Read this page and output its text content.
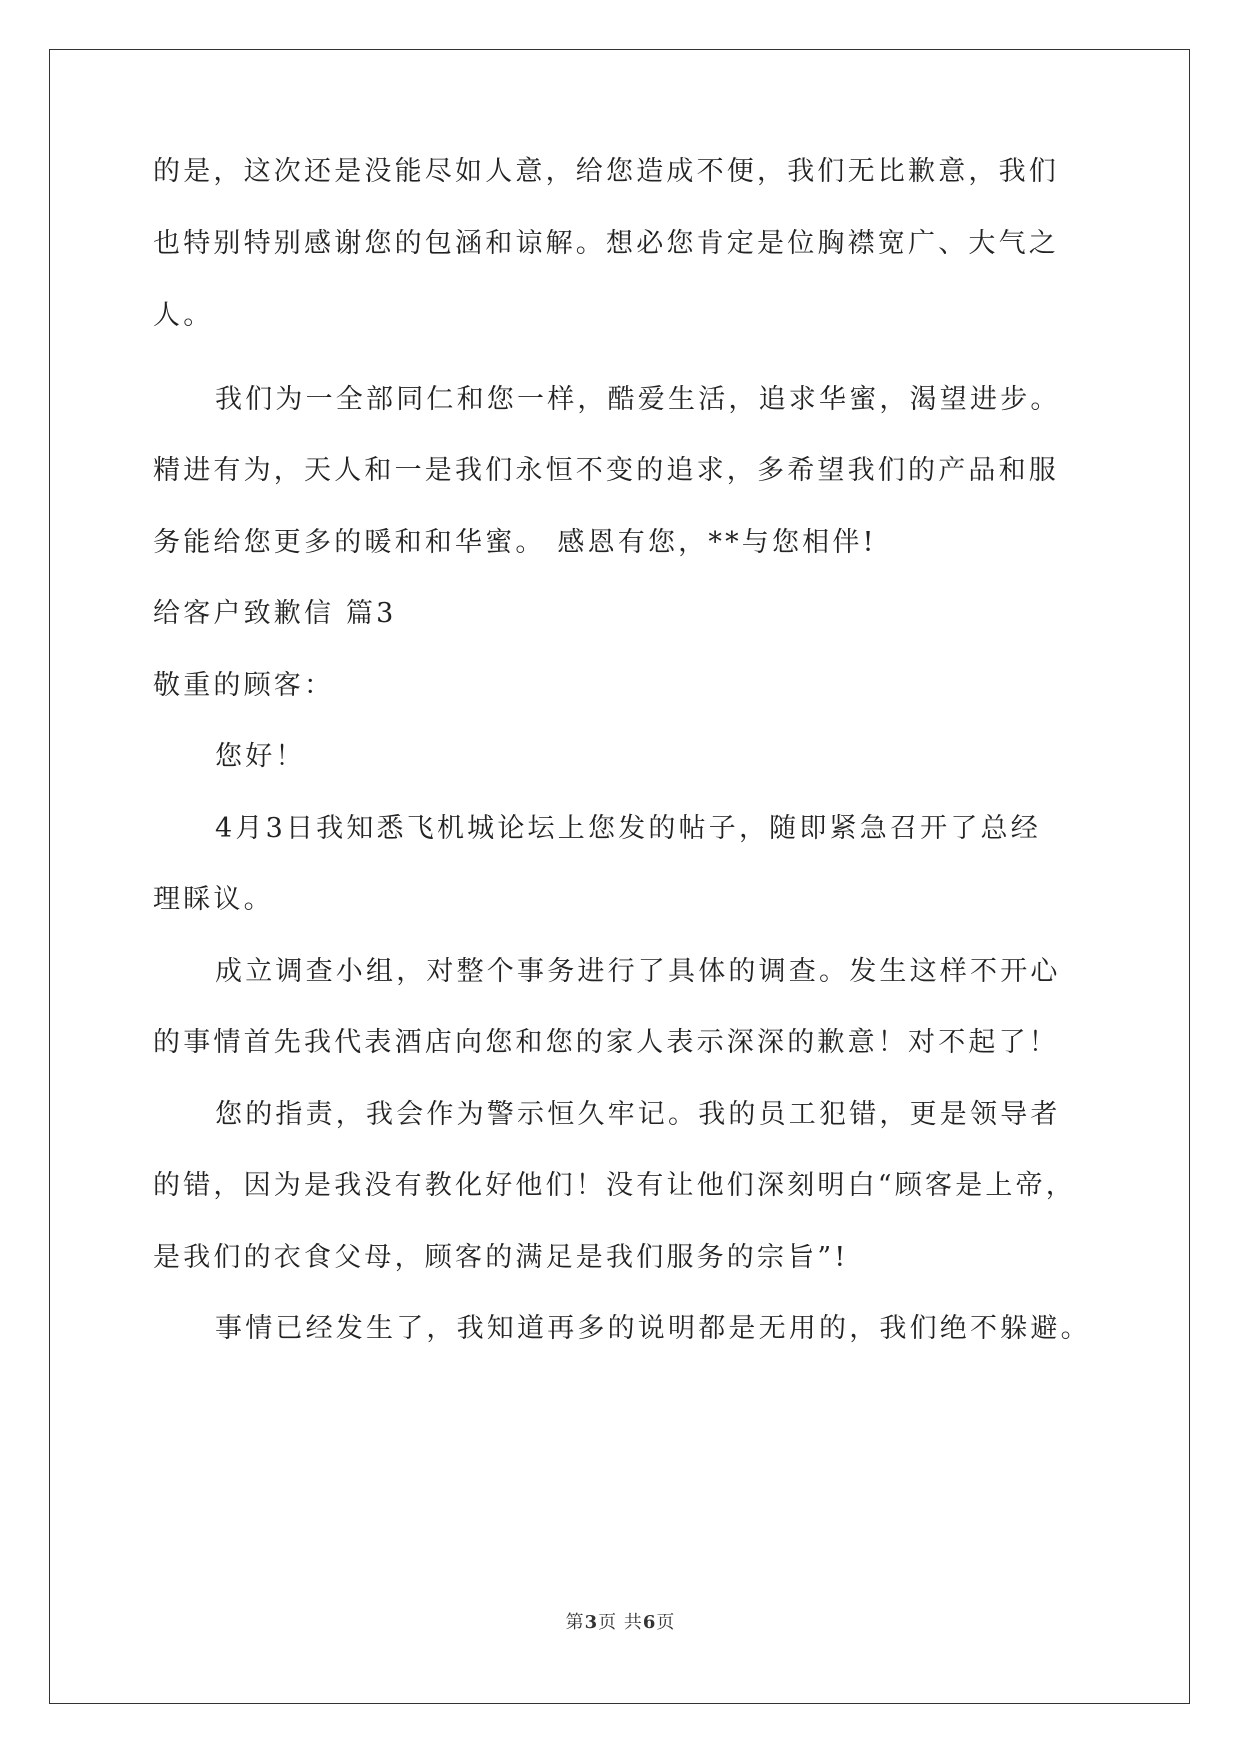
的是，这次还是没能尽如人意，给您造成不便，我们无比歉意，我们
也特别特别感谢您的包涵和谅解。想必您肯定是位胸襟宽广、大气之
人。
我们为一全部同仁和您一样，酷爱生活，追求华蜜，渴望进步。
精进有为，天人和一是我们永恒不变的追求，多希望我们的产品和服
务能给您更多的暖和和华蜜。 感恩有您，**与您相伴!
给客户致歉信 篇3
敬重的顾客：
您好！
4月3日我知悉飞机城论坛上您发的帖子，随即紧急召开了总经
理睬议。
成立调查小组，对整个事务进行了具体的调查。发生这样不开心
的事情首先我代表酒店向您和您的家人表示深深的歉意！对不起了！
您的指责，我会作为警示恒久牢记。我的员工犯错，更是领导者
的错，因为是我没有教化好他们！没有让他们深刻明白“顾客是上帝，
是我们的衣食父母，顾客的满足是我们服务的宗旨”!
事情已经发生了，我知道再多的说明都是无用的，我们绝不躲避。
第3页 共6页
